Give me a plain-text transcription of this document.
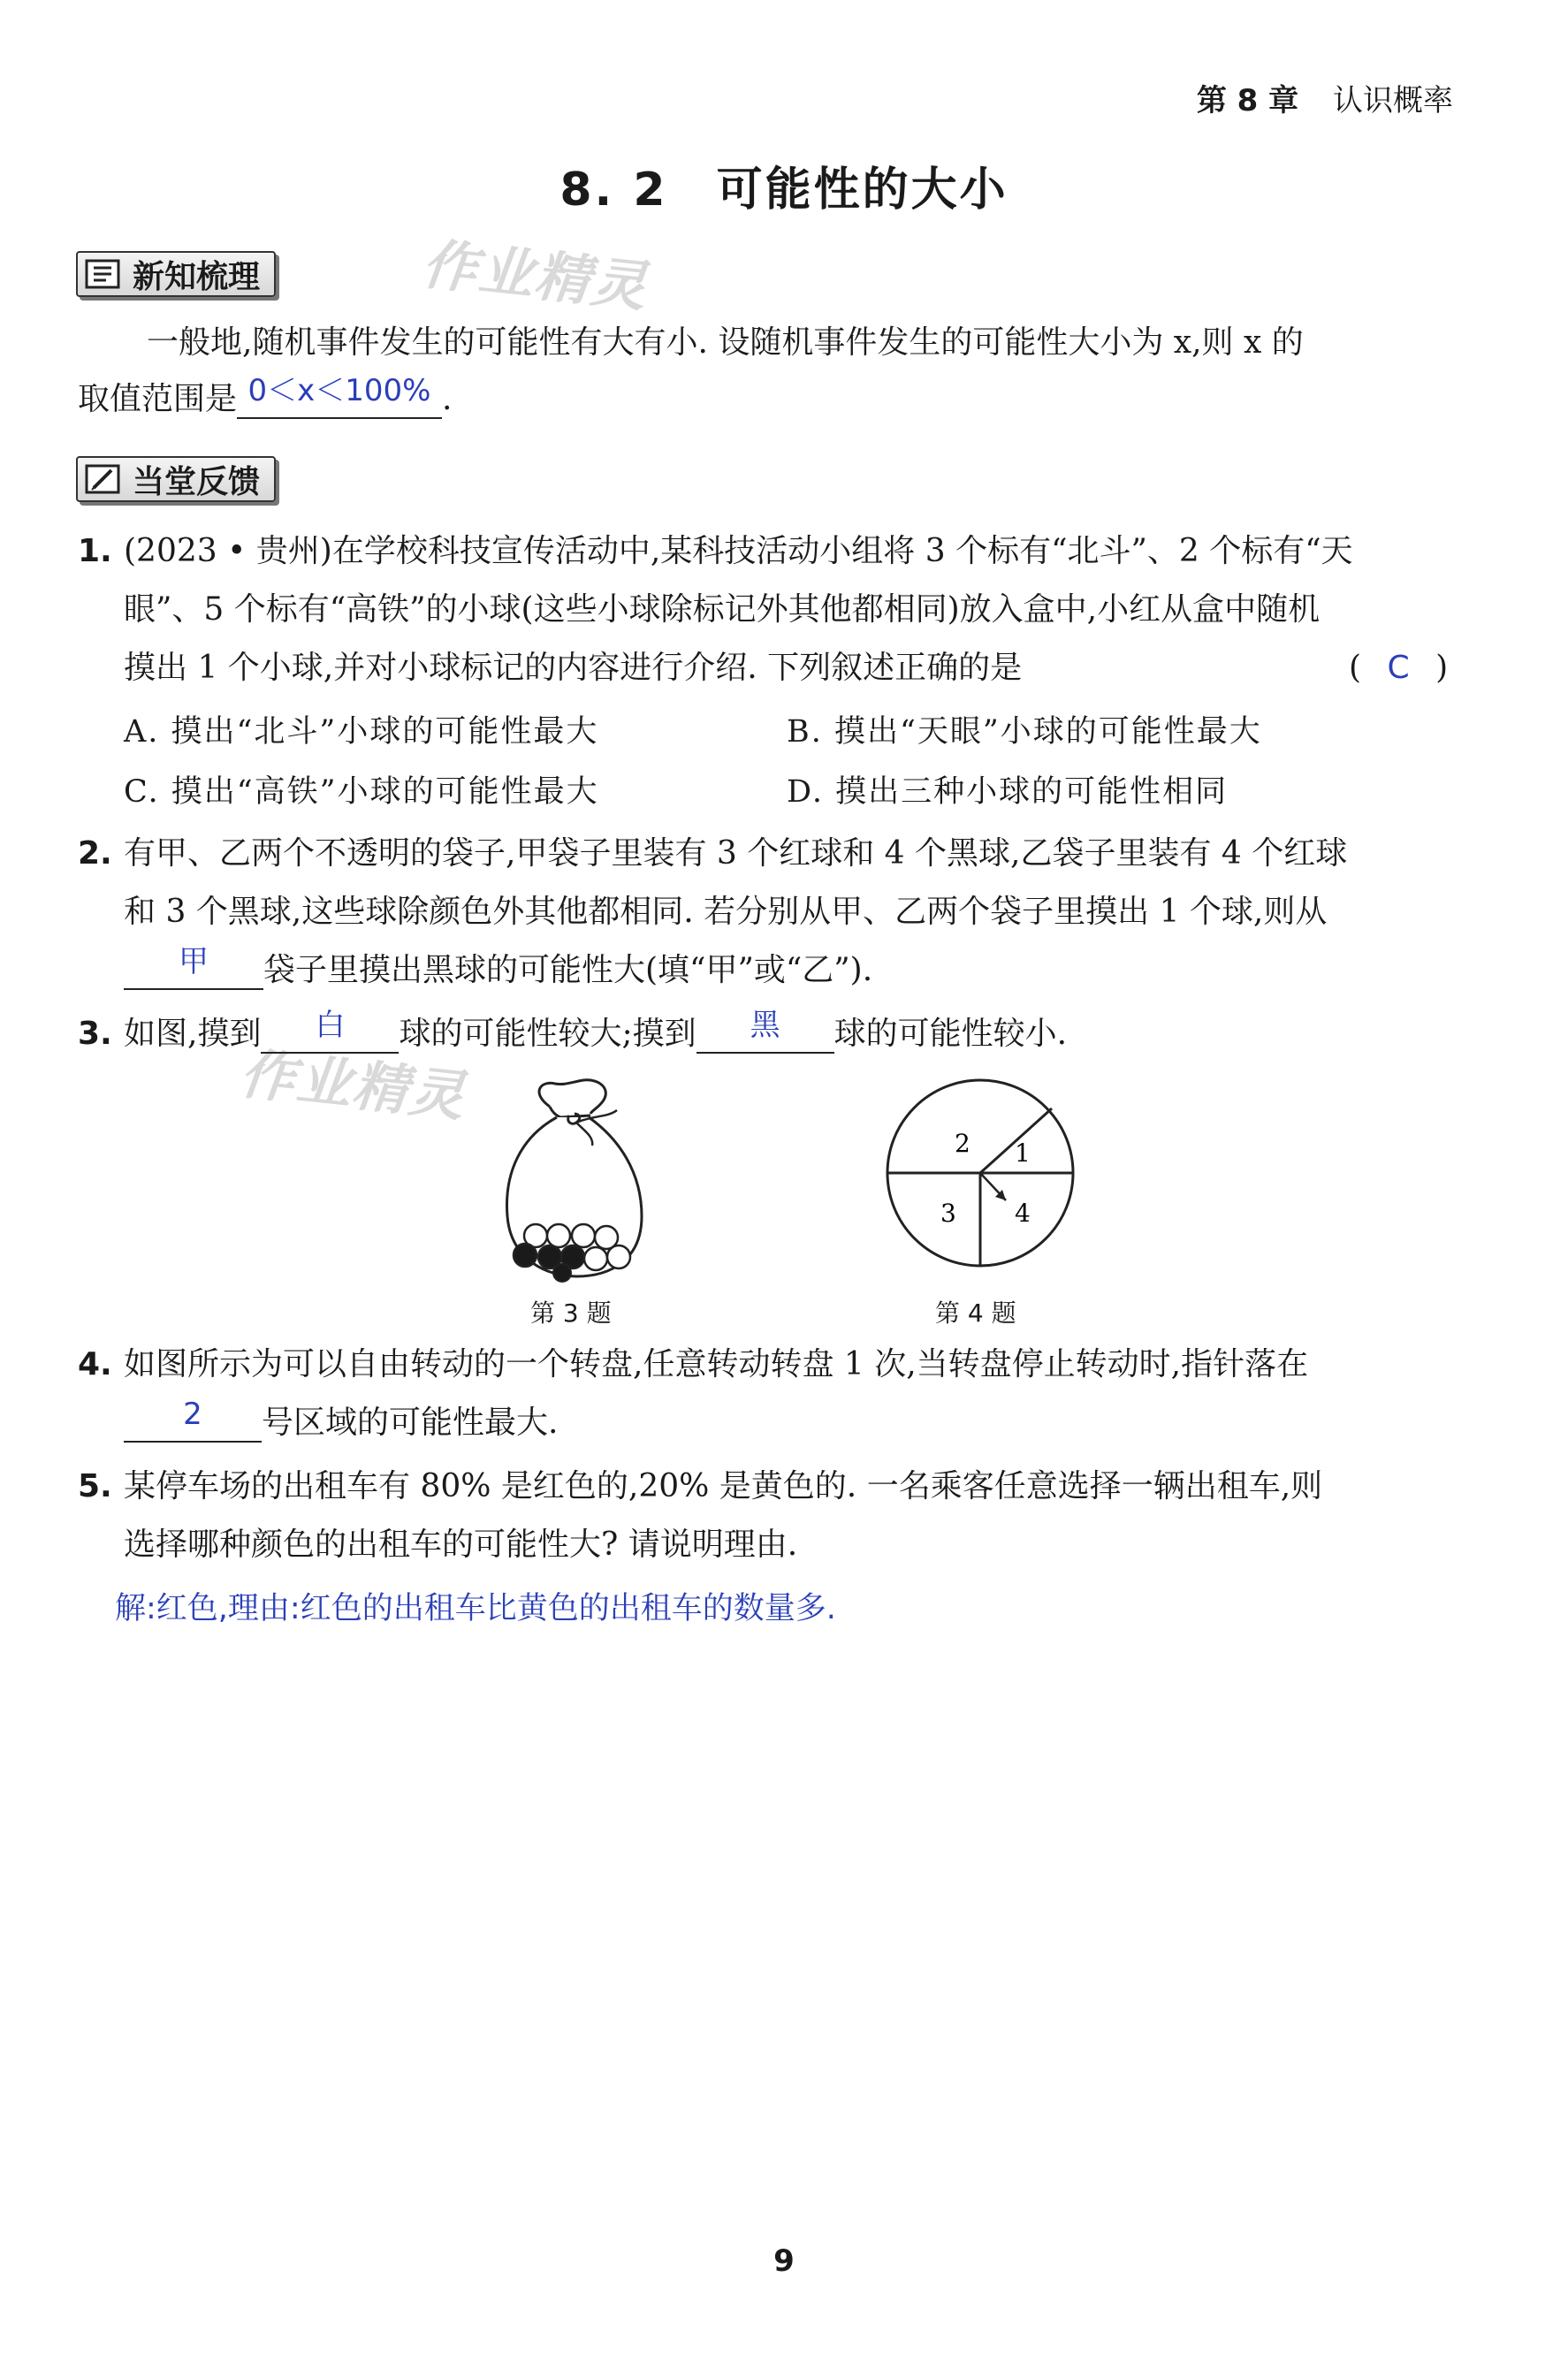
第 8 章 认识概率
8. 2　可能性的大小
作业精灵
作业精灵
新知梳理
一般地,随机事件发生的可能性有大有小. 设随机事件发生的可能性大小为 x,则 x 的
取值范围是 0＜x＜100% .
当堂反馈
1. (2023 • 贵州)在学校科技宣传活动中,某科技活动小组将 3 个标有“北斗”、2 个标有“天
眼”、5 个标有“高铁”的小球(这些小球除标记外其他都相同)放入盒中,小红从盒中随机
摸出 1 个小球,并对小球标记的内容进行介绍. 下列叙述正确的是	( C )
A. 摸出“北斗”小球的可能性最大	B. 摸出“天眼”小球的可能性最大
C. 摸出“高铁”小球的可能性最大	D. 摸出三种小球的可能性相同
2. 有甲、乙两个不透明的袋子,甲袋子里装有 3 个红球和 4 个黑球,乙袋子里装有 4 个红球
和 3 个黑球,这些球除颜色外其他都相同. 若分别从甲、乙两个袋子里摸出 1 个球,则从
甲	袋子里摸出黑球的可能性大(填“甲”或“乙”).
3. 如图,摸到	白	球的可能性较大;摸到	黑	球的可能性较小.
第 3 题
2 1
3 4
第 4 题
4. 如图所示为可以自由转动的一个转盘,任意转动转盘 1 次,当转盘停止转动时,指针落在
2	号区域的可能性最大.
5. 某停车场的出租车有 80% 是红色的,20% 是黄色的. 一名乘客任意选择一辆出租车,则
选择哪种颜色的出租车的可能性大? 请说明理由.
解:红色,理由:红色的出租车比黄色的出租车的数量多.
9
